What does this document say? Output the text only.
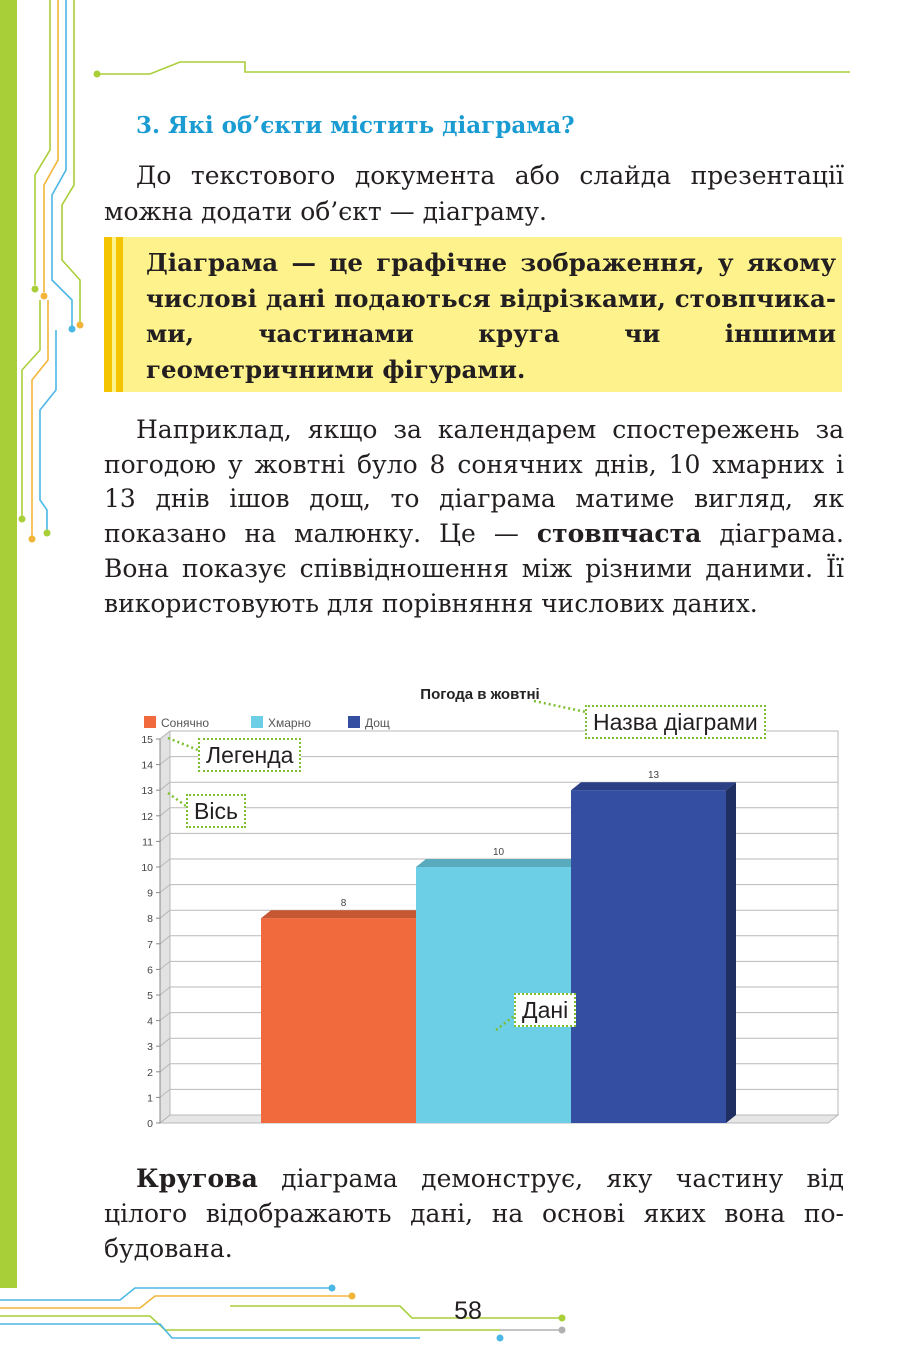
3. Які об’єкти містить діаграма?

До текстового документа або слайда презентації можна додати об’єкт — діаграму.

Діаграма — це графічне зображення, у якому числові дані подаються відрізками, стовпчиками, частинами круга чи іншими геометричними фігурами.

Наприклад, якщо за календарем спостережень за погодою у жовтні було 8 сонячних днів, 10 хмарних і 13 днів ішов дощ, то діаграма матиме вигляд, як показано на малюнку. Це — стовпчаста діаграма. Вона показує співвідношення між різними даними. Її використовують для порівняння числових даних.

Погода в жовтні
Сонячно	Хмарно	Дощ
0
1
2
3
4
5
6
7
8
9
10
11
12
13
14
15
8
10
13
Назва діаграми
Легенда
Вісь
Дані

Кругова діаграма демонструє, яку частину від цілого відображають дані, на основі яких вона побудована.

58
